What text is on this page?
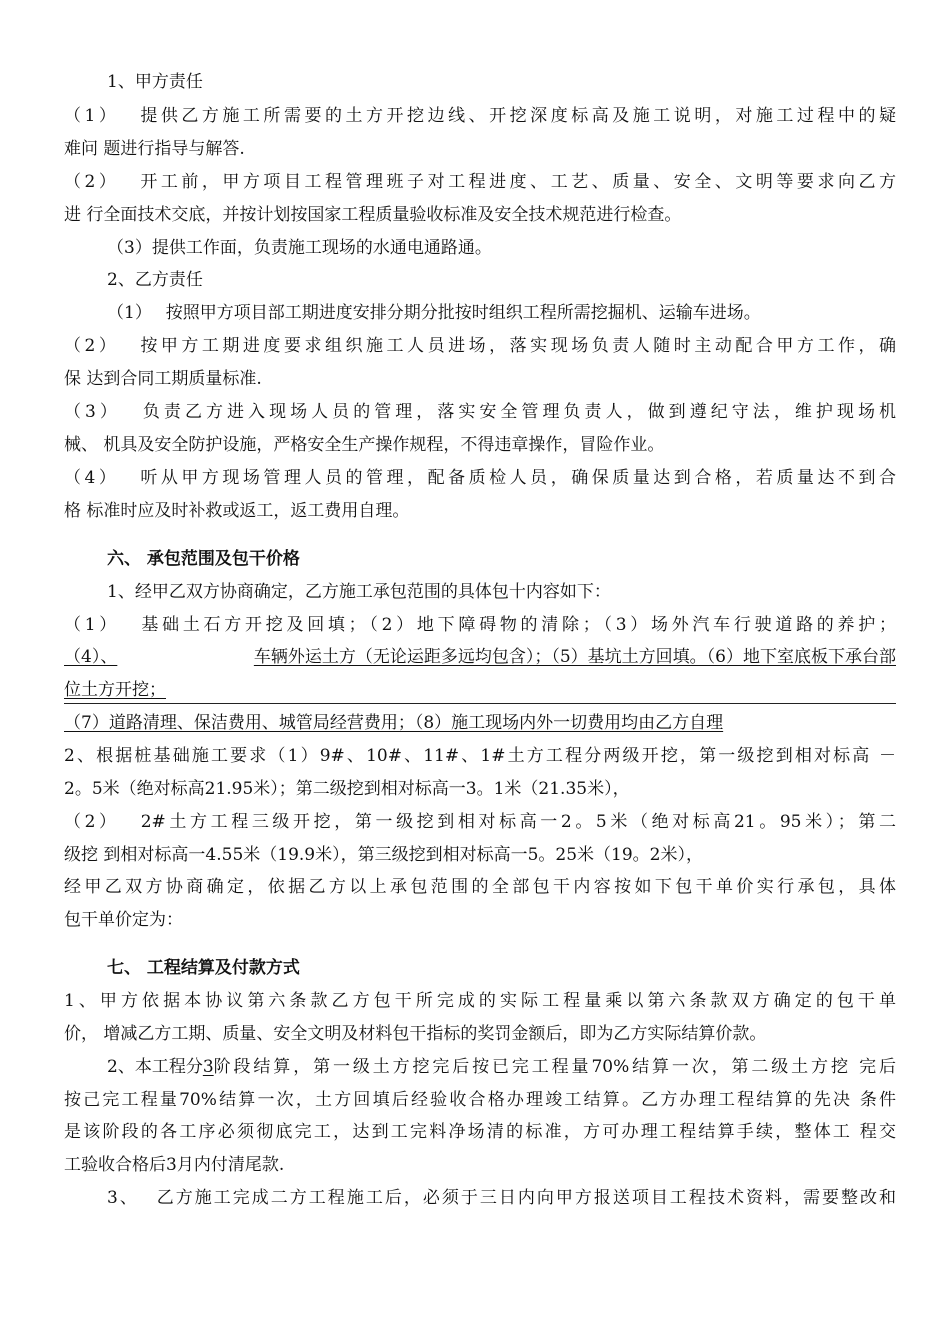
1、甲方责任
（1）　 提供乙方施工所需要的土方开挖边线、开挖深度标高及施工说明，对施工过程中的疑
难问 题进行指导与解答.
（2）　 开工前，甲方项目工程管理班子对工程进度、工艺、质量、安全、文明等要求向乙方
进 行全面技术交底，并按计划按国家工程质量验收标准及安全技术规范进行检查。
（3）提供工作面，负责施工现场的水通电通路通。
2、乙方责任
（1）　 按照甲方项目部工期进度安排分期分批按时组织工程所需挖掘机、运输车进场。
（2）　 按甲方工期进度要求组织施工人员进场，落实现场负责人随时主动配合甲方工作，确
保 达到合同工期质量标准.
（3）　 负责乙方进入现场人员的管理，落实安全管理负责人，做到遵纪守法，维护现场机
械、 机具及安全防护设施，严格安全生产操作规程，不得违章操作，冒险作业。
（4）　 听从甲方现场管理人员的管理，配备质检人员，确保质量达到合格，若质量达不到合
格 标准时应及时补救或返工，返工费用自理。
六、 承包范围及包干价格
1、经甲乙双方协商确定，乙方施工承包范围的具体包十内容如下：
（1）　 基础土石方开挖及回填；（2）地下障碍物的清除；（3）场外汽车行驶道路的养护；
（4）、	车辆外运土方（无论运距多远均包含）；（5）基坑土方回填。（6）地下室底板下承台部
位土方开挖；
（7）道路清理、保洁费用、城管局经营费用；（8）施工现场内外一切费用均由乙方自理
2、根据桩基础施工要求（1）9#、10#、11#、1#土方工程分两级开挖，第一级挖到相对标高 －
2。5米（绝对标高21.95米）；第二级挖到相对标高一3。1米（21.35米），
（2）　 2#土方工程三级开挖，第一级挖到相对标高一2。5米（绝对标高21。95米）；第二
级挖 到相对标高一4.55米（19.9米），第三级挖到相对标高一5。25米（19。2米），
经甲乙双方协商确定，依据乙方以上承包范围的全部包干内容按如下包干单价实行承包，具体
包干单价定为：
七、 工程结算及付款方式
1、甲方依据本协议第六条款乙方包干所完成的实际工程量乘以第六条款双方确定的包干单
价， 增减乙方工期、质量、安全文明及材料包干指标的奖罚金额后，即为乙方实际结算价款。
2、本工程分 3 阶段结算，第一级土方挖完后按已完工程量70%结算一次，第二级土方挖 完后
按己完工程量70%结算一次，土方回填后经验收合格办理竣工结算。乙方办理工程结算的先决 条件
是该阶段的各工序必须彻底完工，达到工完料净场清的标准，方可办理工程结算手续，整体工 程交
工验收合格后3月内付清尾款.
3、　 乙方施工完成二方工程施工后，必须于三日内向甲方报送项目工程技术资料，需要整改和
